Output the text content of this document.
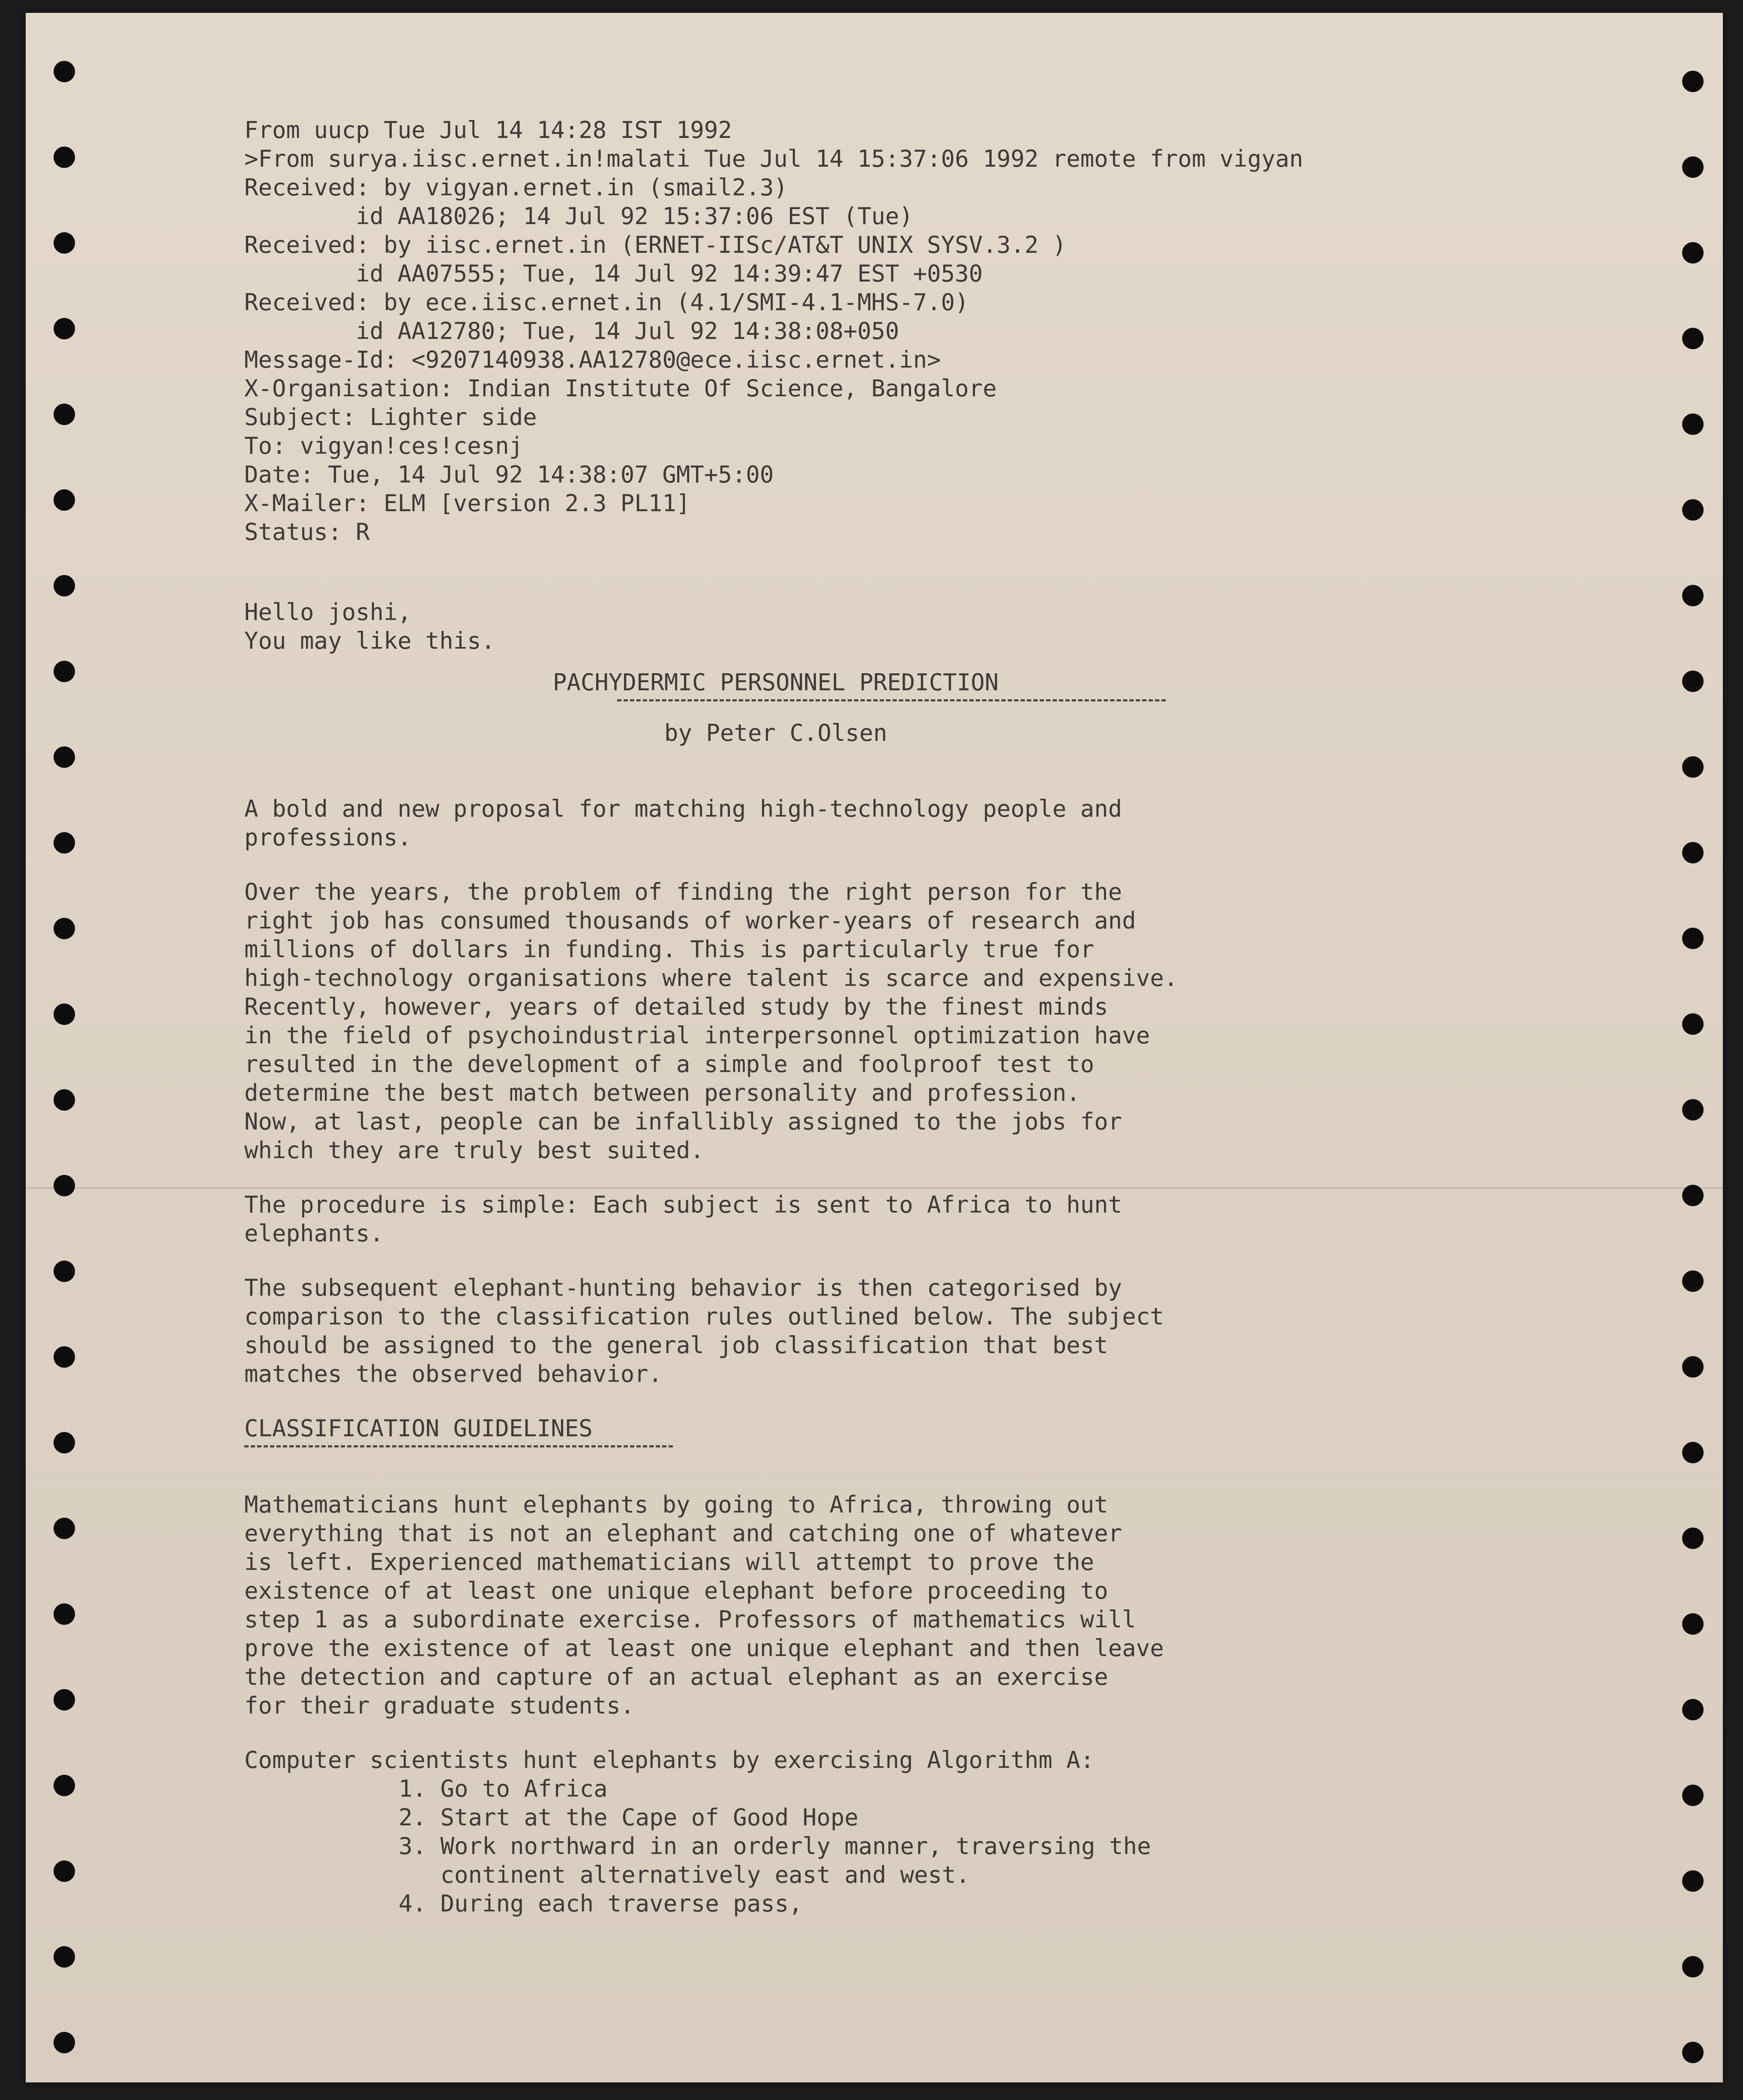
From uucp Tue Jul 14 14:28 IST 1992
>From surya.iisc.ernet.in!malati Tue Jul 14 15:37:06 1992 remote from vigyan
Received: by vigyan.ernet.in (smail2.3)
id AA18026; 14 Jul 92 15:37:06 EST (Tue)
Received: by iisc.ernet.in (ERNET-IISc/AT&T UNIX SYSV.3.2 )
id AA07555; Tue, 14 Jul 92 14:39:47 EST +0530
Received: by ece.iisc.ernet.in (4.1/SMI-4.1-MHS-7.0)
id AA12780; Tue, 14 Jul 92 14:38:08+050
Message-Id: <9207140938.AA12780@ece.iisc.ernet.in>
X-Organisation: Indian Institute Of Science, Bangalore
Subject: Lighter side
To: vigyan!ces!cesnj
Date: Tue, 14 Jul 92 14:38:07 GMT+5:00
X-Mailer: ELM [version 2.3 PL11]
Status: R
Hello joshi,
You may like this.
PACHYDERMIC PERSONNEL PREDICTION
by Peter C.Olsen
A bold and new proposal for matching high-technology people and
professions.
Over the years, the problem of finding the right person for the
right job has consumed thousands of worker-years of research and
millions of dollars in funding. This is particularly true for
high-technology organisations where talent is scarce and expensive.
Recently, however, years of detailed study by the finest minds
in the field of psychoindustrial interpersonnel optimization have
resulted in the development of a simple and foolproof test to
determine the best match between personality and profession.
Now, at last, people can be infallibly assigned to the jobs for
which they are truly best suited.
The procedure is simple: Each subject is sent to Africa to hunt
elephants.
The subsequent elephant-hunting behavior is then categorised by
comparison to the classification rules outlined below. The subject
should be assigned to the general job classification that best
matches the observed behavior.
CLASSIFICATION GUIDELINES
Mathematicians hunt elephants by going to Africa, throwing out
everything that is not an elephant and catching one of whatever
is left. Experienced mathematicians will attempt to prove the
existence of at least one unique elephant before proceeding to
step 1 as a subordinate exercise. Professors of mathematics will
prove the existence of at least one unique elephant and then leave
the detection and capture of an actual elephant as an exercise
for their graduate students.
Computer scientists hunt elephants by exercising Algorithm A:
1. Go to Africa
2. Start at the Cape of Good Hope
3. Work northward in an orderly manner, traversing the
continent alternatively east and west.
4. During each traverse pass,
